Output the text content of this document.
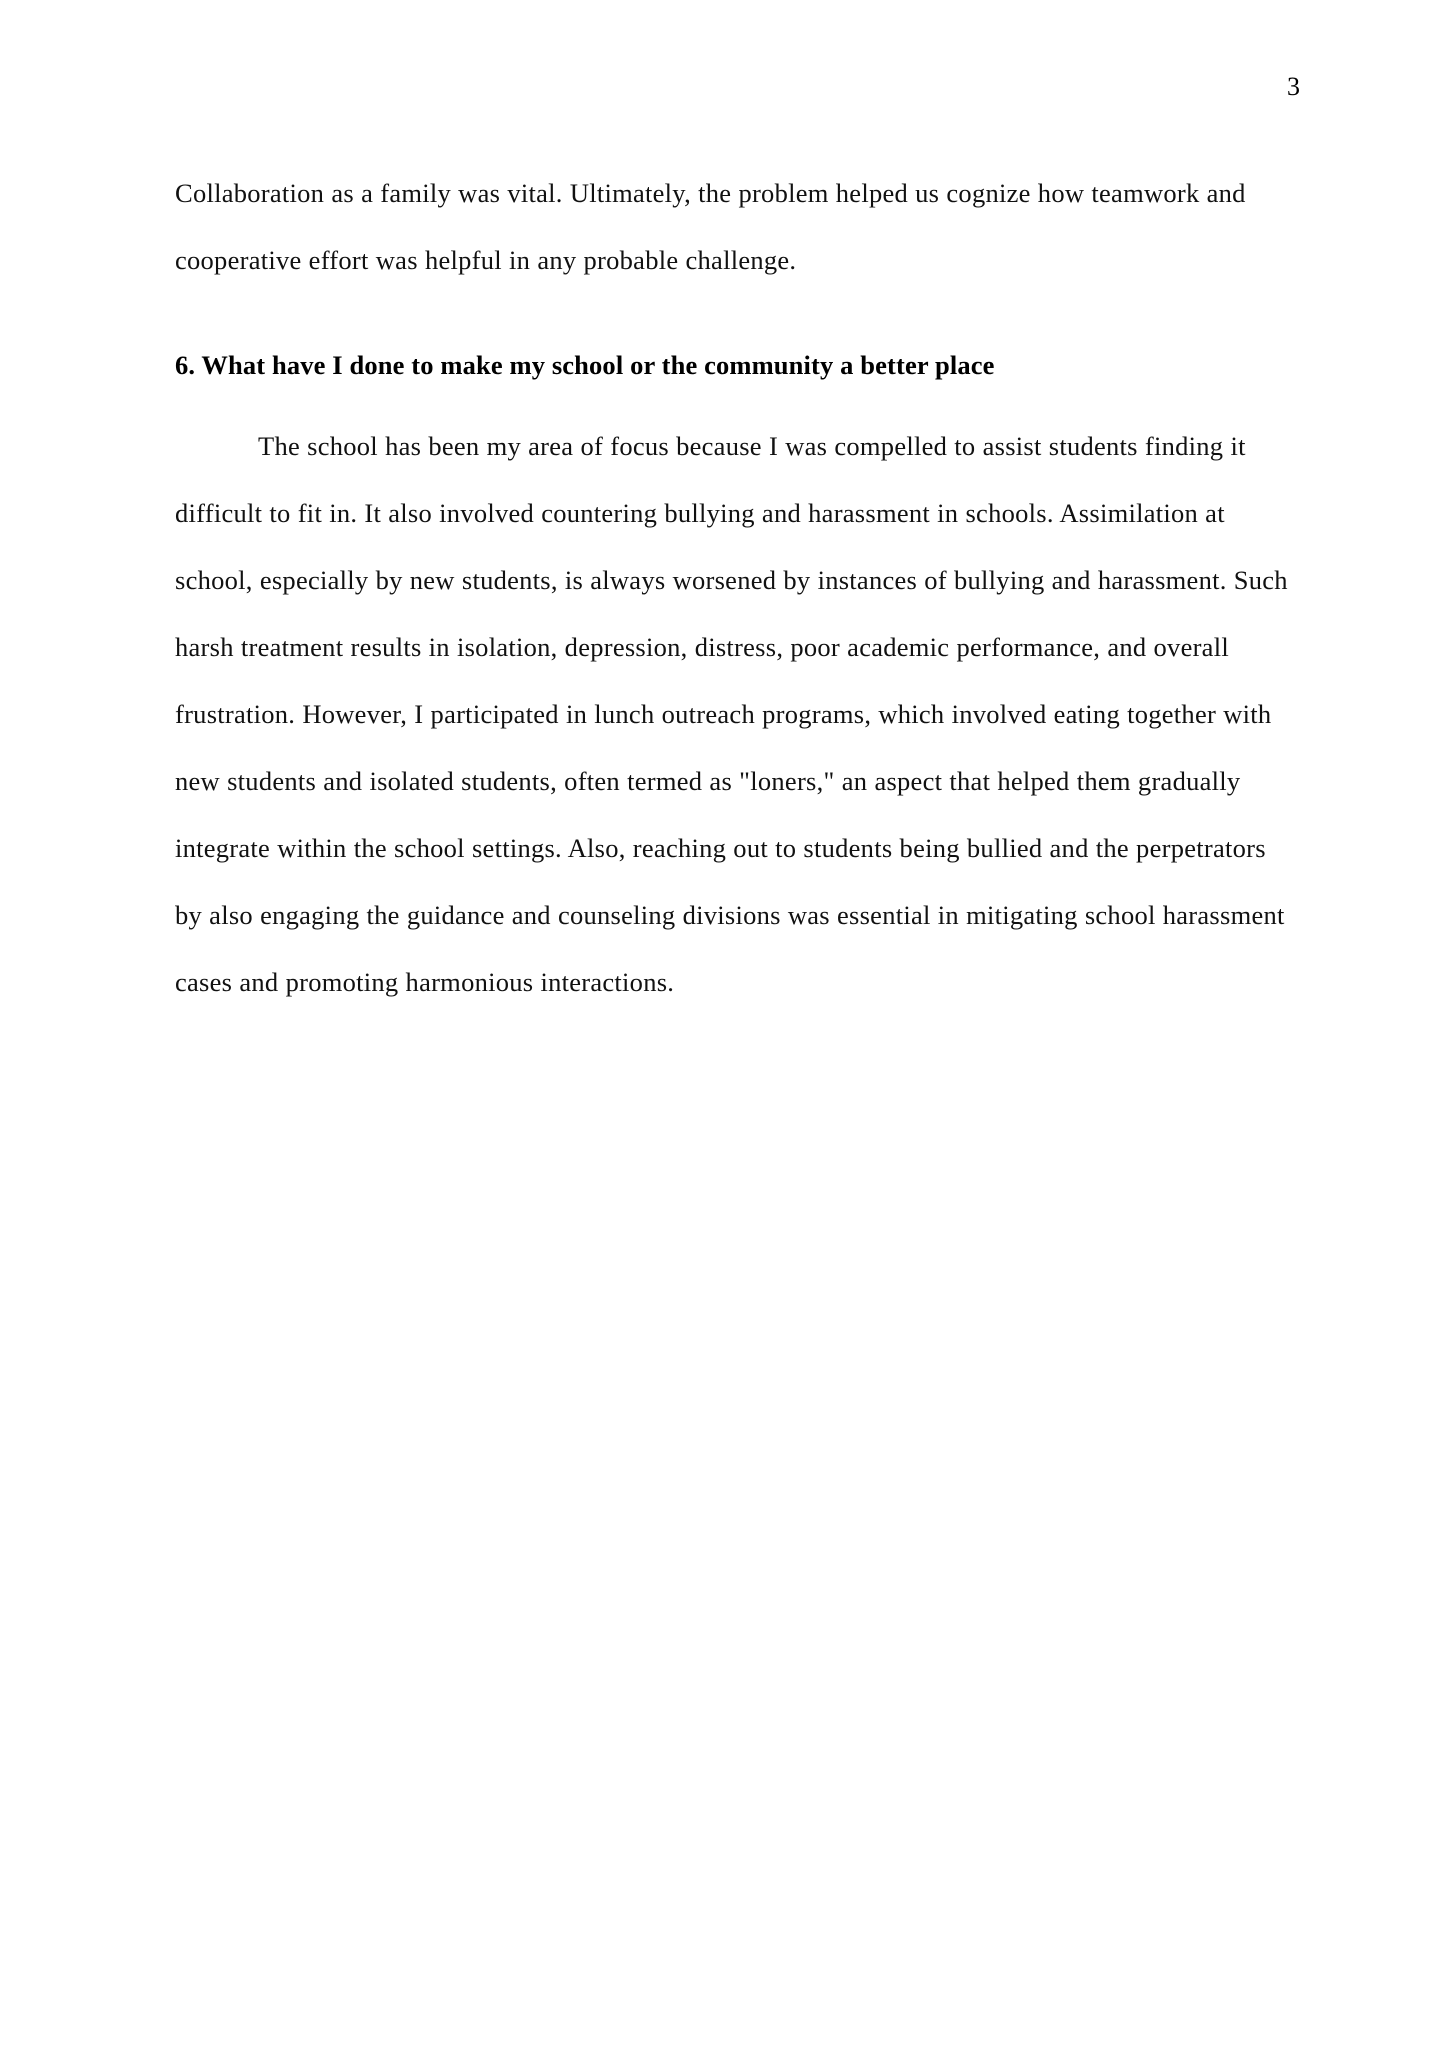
3

Collaboration as a family was vital. Ultimately, the problem helped us cognize how teamwork and cooperative effort was helpful in any probable challenge.

6. What have I done to make my school or the community a better place

The school has been my area of focus because I was compelled to assist students finding it difficult to fit in. It also involved countering bullying and harassment in schools. Assimilation at school, especially by new students, is always worsened by instances of bullying and harassment. Such harsh treatment results in isolation, depression, distress, poor academic performance, and overall frustration. However, I participated in lunch outreach programs, which involved eating together with new students and isolated students, often termed as "loners," an aspect that helped them gradually integrate within the school settings. Also, reaching out to students being bullied and the perpetrators by also engaging the guidance and counseling divisions was essential in mitigating school harassment cases and promoting harmonious interactions.
